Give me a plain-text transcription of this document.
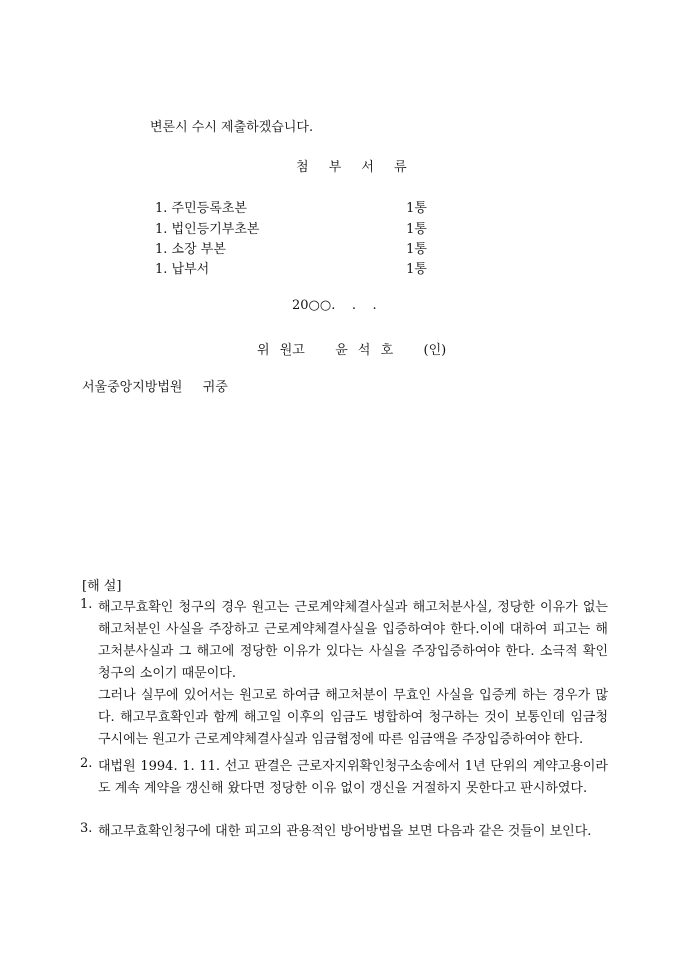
변론시 수시 제출하겠습니다.
첨 부 서 류
1. 주민등록초본	1통
1. 법인등기부초본	1통
1. 소장 부본	1통
1. 납부서	1통
20○○.    .    .
위 원고   윤 석 호   (인)
서울중앙지방법원  귀중
[해 설]
1. 해고무효확인 청구의 경우 원고는 근로계약체결사실과 해고처분사실, 정당한 이유가 없는 해고처분인 사실을 주장하고 근로계약체결사실을 입증하여야 한다.이에 대하여 피고는 해고처분사실과 그 해고에 정당한 이유가 있다는 사실을 주장입증하여야 한다. 소극적 확인청구의 소이기 때문이다.

그러나 실무에 있어서는 원고로 하여금 해고처분이 무효인 사실을 입증케 하는 경우가 많다. 해고무효확인과 함께 해고일 이후의 임금도 병합하여 청구하는 것이 보통인데 임금청구시에는 원고가 근로계약체결사실과 임금협정에 따른 임금액을 주장입증하여야 한다.

2. 대법원 1994. 1. 11. 선고 판결은 근로자지위확인청구소송에서 1년 단위의 계약고용이라도 계속 계약을 갱신해 왔다면 정당한 이유 없이 갱신을 거절하지 못한다고 판시하였다.

3. 해고무효확인청구에 대한 피고의 관용적인 방어방법을 보면 다음과 같은 것들이 보인다.
